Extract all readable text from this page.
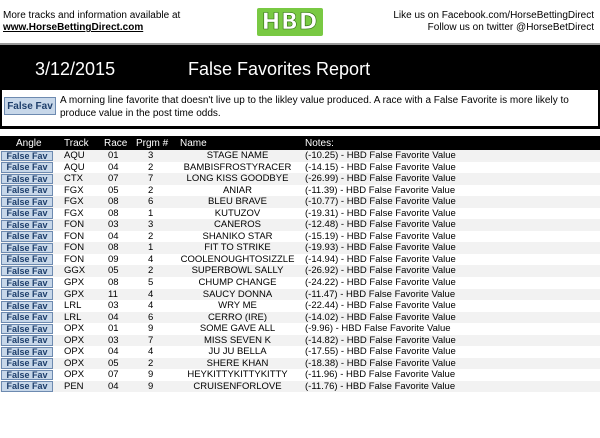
More tracks and information available at
www.HorseBettingDirect.com	HBD	Like us on Facebook.com/HorseBettingDirect
Follow us on twitter @HorseBetDirect
3/12/2015	False Favorites Report
False Fav A morning line favorite that doesn't live up to the likley value produced. A race with a False Favorite is more likely to produce value in the post time odds.
Angle Track Race Prgm # Name	Notes:
False Fav	AQU 01	3	STAGE NAME	(-10.25) - HBD False Favorite Value
False Fav	AQU 04	2	BAMBISFROSTYRACER	(-14.15) - HBD False Favorite Value
False Fav	CTX	07	7	LONG KISS GOODBYE	(-26.99) - HBD False Favorite Value
False Fav	FGX	05	2	ANIAR	(-11.39) - HBD False Favorite Value
False Fav	FGX	08	6	BLEU BRAVE	(-10.77) - HBD False Favorite Value
False Fav	FGX	08	1	KUTUZOV	(-19.31) - HBD False Favorite Value
False Fav	FON	03	3	CANEROS	(-12.48) - HBD False Favorite Value
False Fav	FON	04	2	SHANIKO STAR	(-15.19) - HBD False Favorite Value
False Fav	FON	08	1	FIT TO STRIKE	(-19.93) - HBD False Favorite Value
False Fav	FON	09	4	COOLENOUGHTOSIZZLE (-14.94) - HBD False Favorite Value
False Fav	GGX 05	2	SUPERBOWL SALLY	(-26.92) - HBD False Favorite Value
False Fav	GPX	08	5	CHUMP CHANGE	(-24.22) - HBD False Favorite Value
False Fav	GPX	11	4	SAUCY DONNA	(-11.47) - HBD False Favorite Value
False Fav	LRL	03	4	WRY ME	(-22.44) - HBD False Favorite Value
False Fav	LRL	04	6	CERRO (IRE)	(-14.02) - HBD False Favorite Value
False Fav	OPX	01	9	SOME GAVE ALL	(-9.96) - HBD False Favorite Value
False Fav	OPX	03	7	MISS SEVEN K	(-14.82) - HBD False Favorite Value
False Fav	OPX	04	4	JU JU BELLA	(-17.55) - HBD False Favorite Value
False Fav	OPX	05	2	SHERE KHAN	(-18.38) - HBD False Favorite Value
False Fav	OPX	07	9	HEYKITTYKITTYKITTY	(-11.96) - HBD False Favorite Value
False Fav	PEN	04	9	CRUISENFORLOVE	(-11.76) - HBD False Favorite Value
